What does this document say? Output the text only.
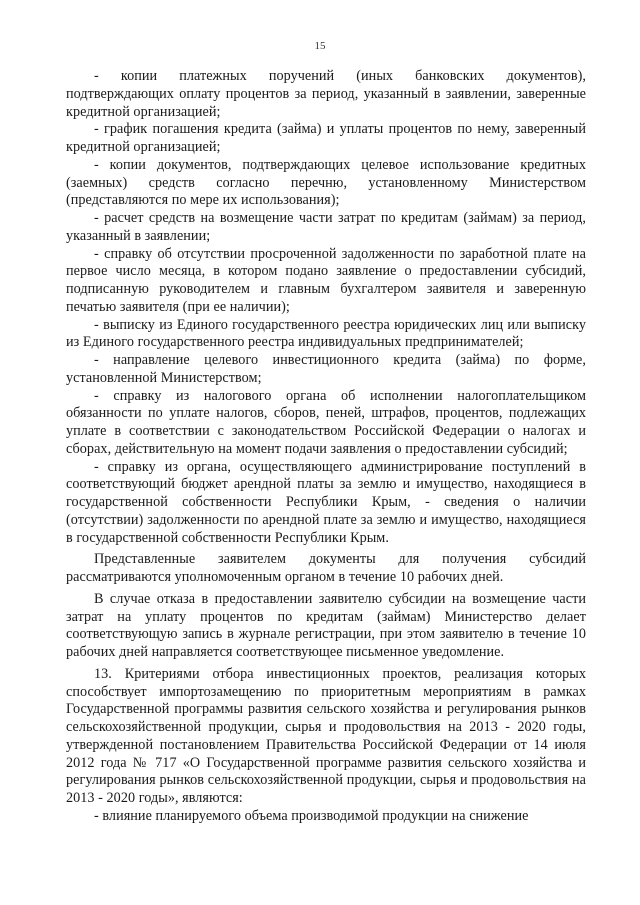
15

- копии платежных поручений (иных банковских документов), подтверждающих оплату процентов за период, указанный в заявлении, заверенные кредитной организацией;

- график погашения кредита (займа) и уплаты процентов по нему, заверенный кредитной организацией;

- копии документов, подтверждающих целевое использование кредитных (заемных) средств согласно перечню, установленному Министерством (представляются по мере их использования);

- расчет средств на возмещение части затрат по кредитам (займам) за период, указанный в заявлении;

- справку об отсутствии просроченной задолженности по заработной плате на первое число месяца, в котором подано заявление о предоставлении субсидий, подписанную руководителем и главным бухгалтером заявителя и заверенную печатью заявителя (при ее наличии);

- выписку из Единого государственного реестра юридических лиц или выписку из Единого государственного реестра индивидуальных предпринимателей;

- направление целевого инвестиционного кредита (займа) по форме, установленной Министерством;

- справку из налогового органа об исполнении налогоплательщиком обязанности по уплате налогов, сборов, пеней, штрафов, процентов, подлежащих уплате в соответствии с законодательством Российской Федерации о налогах и сборах, действительную на момент подачи заявления о предоставлении субсидий;

- справку из органа, осуществляющего администрирование поступлений в соответствующий бюджет арендной платы за землю и имущество, находящиеся в государственной собственности Республики Крым, - сведения о наличии (отсутствии) задолженности по арендной плате за землю и имущество, находящиеся в государственной собственности Республики Крым.

Представленные заявителем документы для получения субсидий рассматриваются уполномоченным органом в течение 10 рабочих дней.

В случае отказа в предоставлении заявителю субсидии на возмещение части затрат на уплату процентов по кредитам (займам) Министерство делает соответствующую запись в журнале регистрации, при этом заявителю в течение 10 рабочих дней направляется соответствующее письменное уведомление.

13. Критериями отбора инвестиционных проектов, реализация которых способствует импортозамещению по приоритетным мероприятиям в рамках Государственной программы развития сельского хозяйства и регулирования рынков сельскохозяйственной продукции, сырья и продовольствия на 2013 - 2020 годы, утвержденной постановлением Правительства Российской Федерации от 14 июля 2012 года № 717 «О Государственной программе развития сельского хозяйства и регулирования рынков сельскохозяйственной продукции, сырья и продовольствия на 2013 - 2020 годы», являются:

- влияние планируемого объема производимой продукции на снижение
